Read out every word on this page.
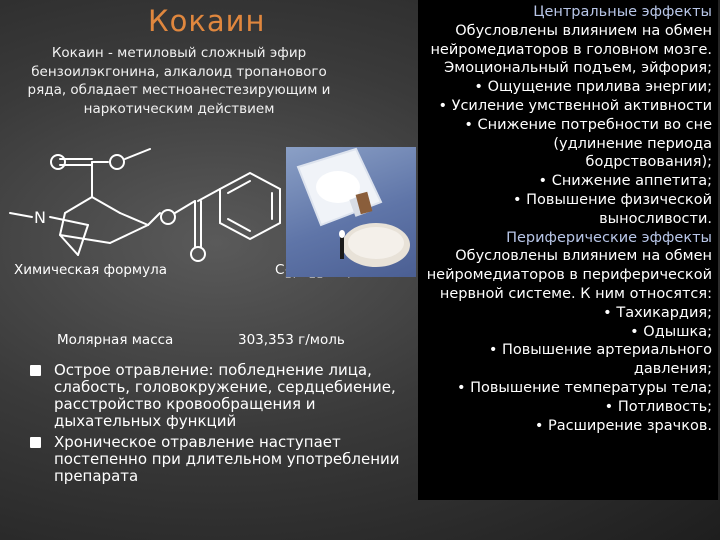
Кокаин
Кокаин - метиловый сложный эфир бензоилэкгонина, алкалоид тропанового ряда, обладает местноанестезирующим и наркотическим действием
N
Химическая формула	C
Молярная масса	303,353 г/моль
Острое отравление: побледнение лица, слабость, головокружение, сердцебиение, расстройство кровообращения и дыхательных функций
Хроническое отравление наступает постепенно при длительном употреблении препарата
Центральные эффекты
Обусловлены влиянием на обмен нейромедиаторов в головном мозге. Эмоциональный подъем, эйфория;
• Ощущение прилива энергии;
• Усиление умственной активности
• Снижение потребности во сне
(удлинение периода
бодрствования);
• Снижение аппетита;
• Повышение физической
выносливости.
Периферические эффекты
Обусловлены влиянием на обмен нейромедиаторов в периферической нервной системе. К ним относятся:
• Тахикардия;
• Одышка;
• Повышение артериального
давления;
• Повышение температуры тела;
• Потливость;
• Расширение зрачков.
